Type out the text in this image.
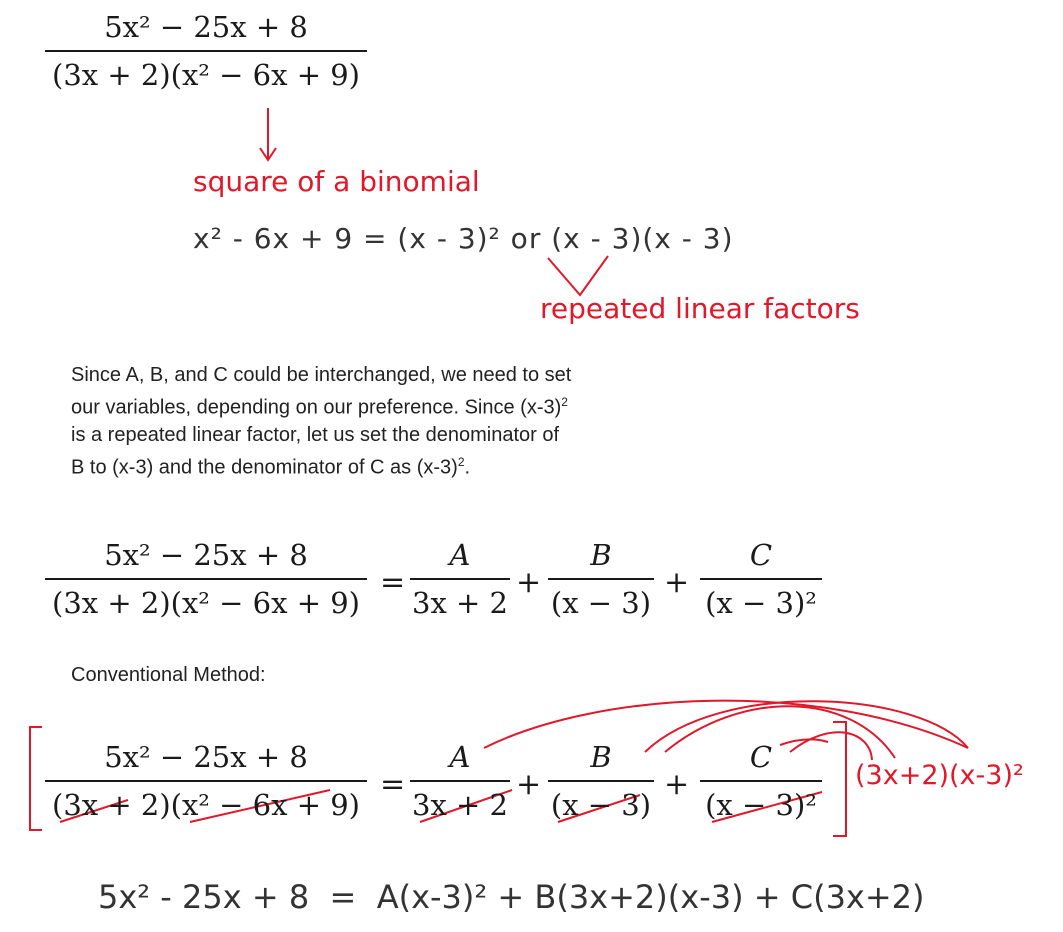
5x² − 25x + 8
(3x + 2)(x² − 6x + 9)
square of a binomial
x² - 6x + 9 = (x - 3)² or (x - 3)(x - 3)
repeated linear factors
Since A, B, and C could be interchanged, we need to set
our variables, depending on our preference. Since $(x-3)^2$
is a repeated linear factor, let us set the denominator of
B to (x-3) and the denominator of C as $(x-3)^2$.
5x² − 25x + 8
(3x + 2)(x² − 6x + 9)
=
A
3x + 2
+
B
(x − 3)
+
C
(x − 3)²
Conventional Method:
5x² − 25x + 8
(3x + 2)(x² − 6x + 9)
=
A
3x + 2
+
B
(x − 3)
+
C
(x − 3)²
(3x+2)(x-3)²
5x² - 25x + 8  =  A(x-3)² + B(3x+2)(x-3) + C(3x+2)
